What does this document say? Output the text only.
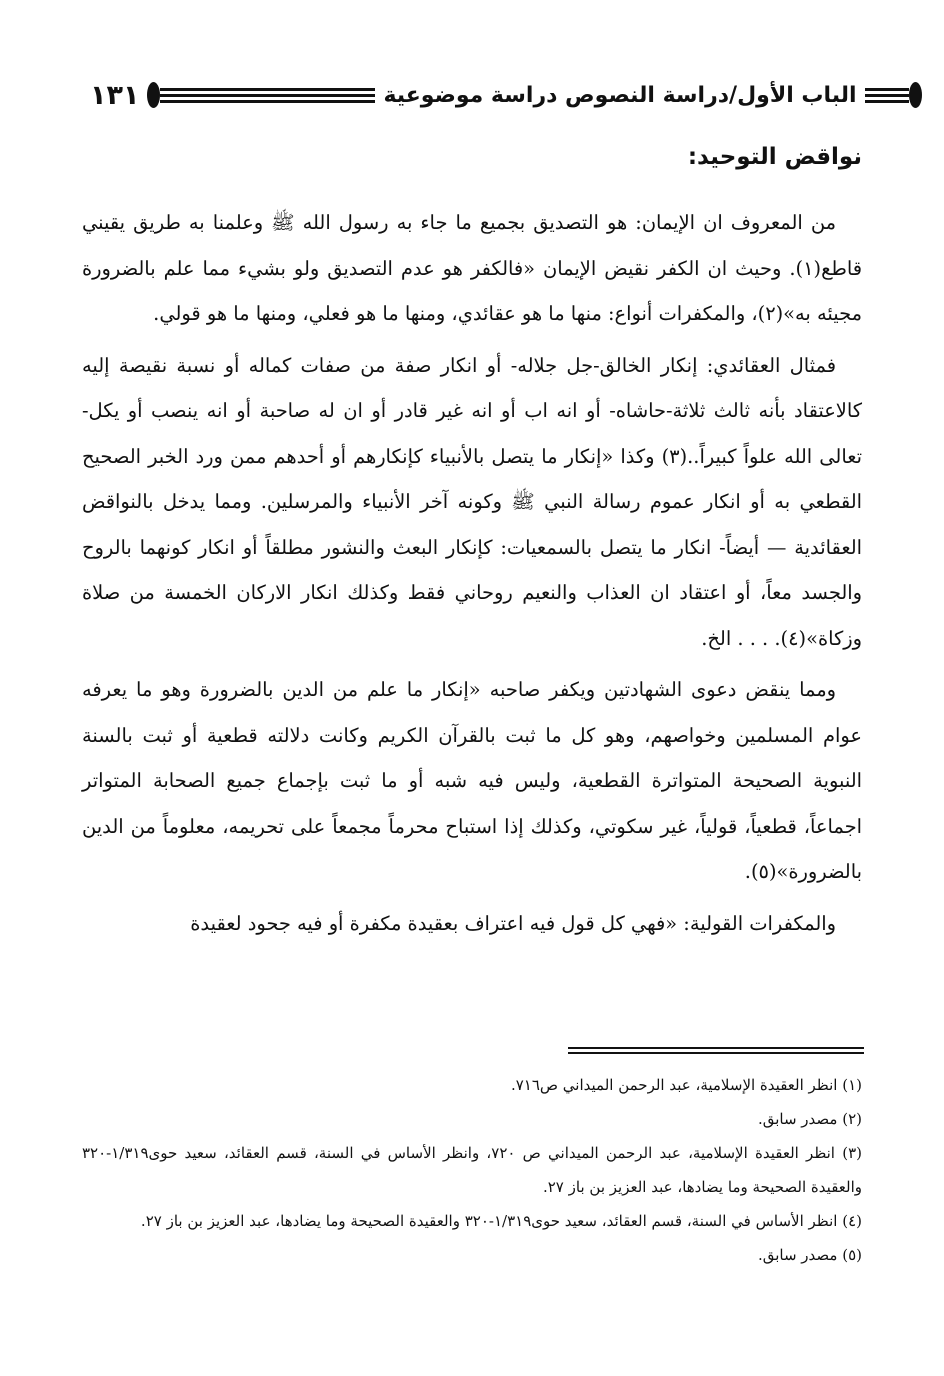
١٣١	الباب الأول/دراسة النصوص دراسة موضوعية
نواقض التوحيد:

من المعروف ان الإيمان: هو التصديق بجميع ما جاء به رسول الله ﷺ وعلمنا به طريق يقيني قاطع(١). وحيث ان الكفر نقيض الإيمان «فالكفر هو عدم التصديق ولو بشيء مما علم بالضرورة مجيئه به»(٢)، والمكفرات أنواع: منها ما هو عقائدي، ومنها ما هو فعلي، ومنها ما هو قولي.

فمثال العقائدي: إنكار الخالق-جل جلاله- أو انكار صفة من صفات كماله أو نسبة نقيصة إليه كالاعتقاد بأنه ثالث ثلاثة-حاشاه- أو انه اب أو انه غير قادر أو ان له صاحبة أو انه ينصب أو يكل- تعالى الله علواً كبيراً..(٣) وكذا «إنكار ما يتصل بالأنبياء كإنكارهم أو أحدهم ممن ورد الخبر الصحيح القطعي به أو انكار عموم رسالة النبي ﷺ وكونه آخر الأنبياء والمرسلين. ومما يدخل بالنواقض العقائدية — أيضاً- انكار ما يتصل بالسمعيات: كإنكار البعث والنشور مطلقاً أو انكار كونهما بالروح والجسد معاً، أو اعتقاد ان العذاب والنعيم روحاني فقط وكذلك انكار الاركان الخمسة من صلاة وزكاة»(٤). . . . الخ.

ومما ينقض دعوى الشهادتين ويكفر صاحبه «إنكار ما علم من الدين بالضرورة وهو ما يعرفه عوام المسلمين وخواصهم، وهو كل ما ثبت بالقرآن الكريم وكانت دلالته قطعية أو ثبت بالسنة النبوية الصحيحة المتواترة القطعية، وليس فيه شبه أو ما ثبت بإجماع جميع الصحابة المتواتر اجماعاً، قطعياً، قولياً، غير سكوتي، وكذلك إذا استباح محرماً مجمعاً على تحريمه، معلوماً من الدين بالضرورة»(٥).

والمكفرات القولية: «فهي كل قول فيه اعتراف بعقيدة مكفرة أو فيه جحود لعقيدة

(١) انظر العقيدة الإسلامية، عبد الرحمن الميداني ص٧١٦.

(٢) مصدر سابق.

(٣) انظر العقيدة الإسلامية، عبد الرحمن الميداني ص ٧٢٠، وانظر الأساس في السنة، قسم العقائد، سعيد حوى١/٣١٩-٣٢٠ والعقيدة الصحيحة وما يضادها، عبد العزيز بن باز ٢٧.

(٤) انظر الأساس في السنة، قسم العقائد، سعيد حوى١/٣١٩-٣٢٠ والعقيدة الصحيحة وما يضادها، عبد العزيز بن باز ٢٧.

(٥) مصدر سابق.
